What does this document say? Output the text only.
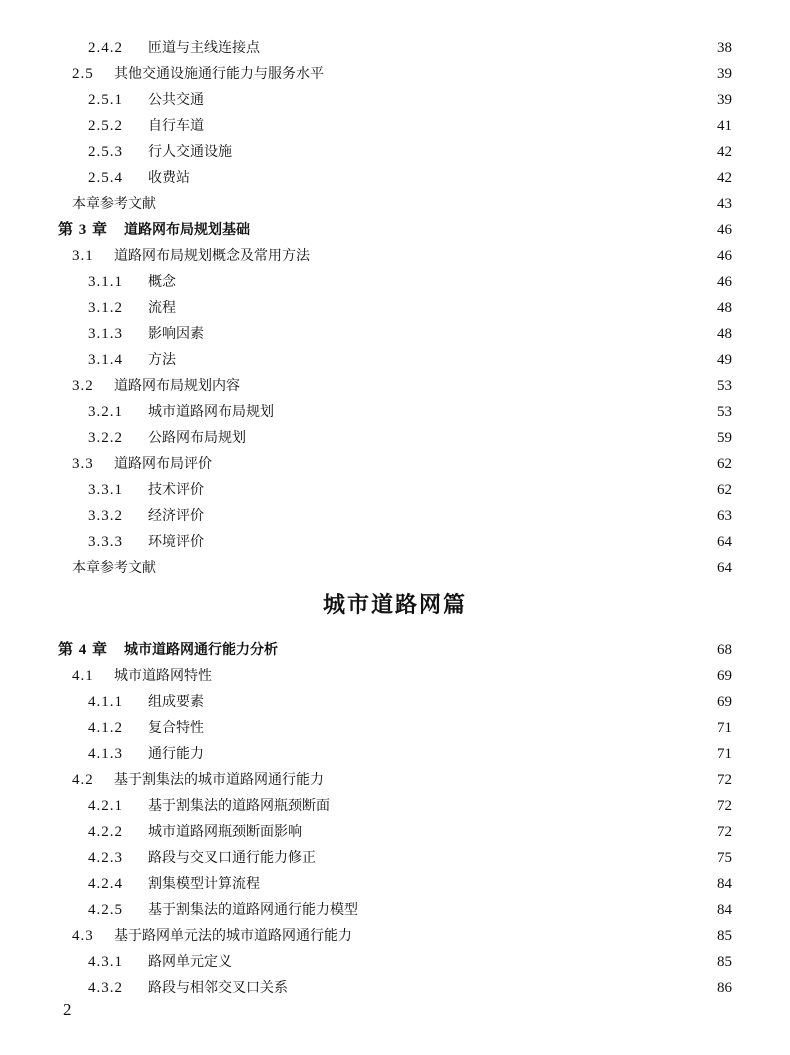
2.4.2	匝道与主线连接点	38
2.5	其他交通设施通行能力与服务水平	39
2.5.1	公共交通	39
2.5.2	自行车道	41
2.5.3	行人交通设施	42
2.5.4	收费站	42
本章参考文献	43
第 3 章	道路网布局规划基础	46
3.1	道路网布局规划概念及常用方法	46
3.1.1	概念	46
3.1.2	流程	48
3.1.3	影响因素	48
3.1.4	方法	49
3.2	道路网布局规划内容	53
3.2.1	城市道路网布局规划	53
3.2.2	公路网布局规划	59
3.3	道路网布局评价	62
3.3.1	技术评价	62
3.3.2	经济评价	63
3.3.3	环境评价	64
本章参考文献	64
城市道路网篇
第 4 章	城市道路网通行能力分析	68
4.1	城市道路网特性	69
4.1.1	组成要素	69
4.1.2	复合特性	71
4.1.3	通行能力	71
4.2	基于割集法的城市道路网通行能力	72
4.2.1	基于割集法的道路网瓶颈断面	72
4.2.2	城市道路网瓶颈断面影响	72
4.2.3	路段与交叉口通行能力修正	75
4.2.4	割集模型计算流程	84
4.2.5	基于割集法的道路网通行能力模型	84
4.3	基于路网单元法的城市道路网通行能力	85
4.3.1	路网单元定义	85
4.3.2	路段与相邻交叉口关系	86
2
